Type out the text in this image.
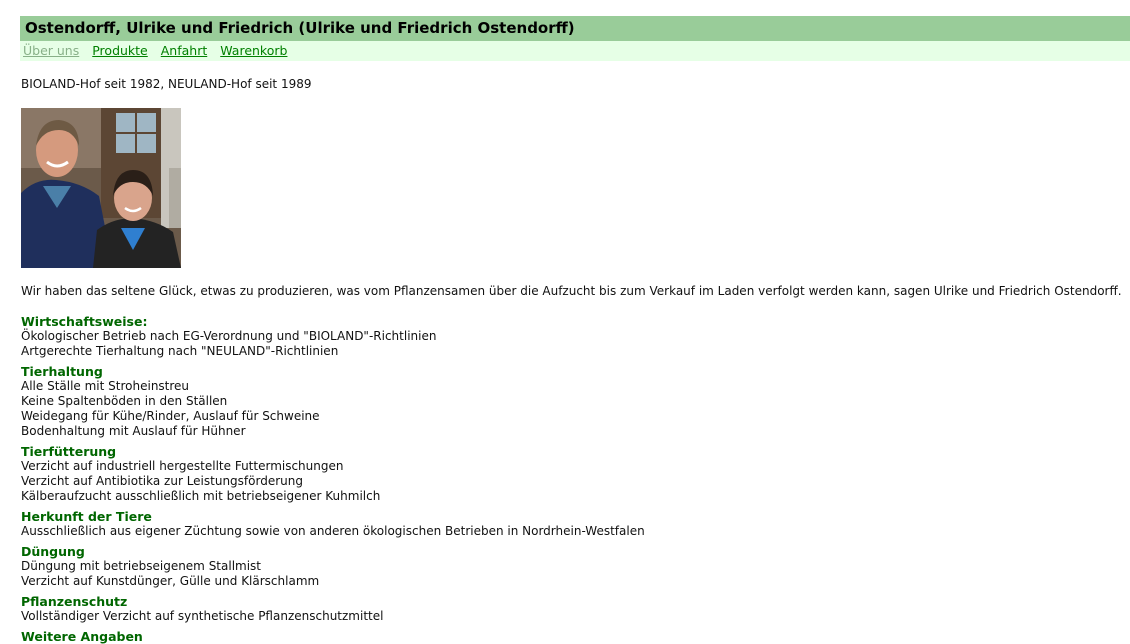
Ostendorff, Ulrike und Friedrich (Ulrike und Friedrich Ostendorff)
Über uns Produkte Anfahrt Warenkorb
BIOLAND-Hof seit 1982, NEULAND-Hof seit 1989
Wir haben das seltene Glück, etwas zu produzieren, was vom Pflanzensamen über die Aufzucht bis zum Verkauf im Laden verfolgt werden kann, sagen Ulrike und Friedrich Ostendorff.
Wirtschaftsweise:
Ökologischer Betrieb nach EG-Verordnung und "BIOLAND"-Richtlinien
Artgerechte Tierhaltung nach "NEULAND"-Richtlinien
Tierhaltung
Alle Ställe mit Stroheinstreu
Keine Spaltenböden in den Ställen
Weidegang für Kühe/Rinder, Auslauf für Schweine
Bodenhaltung mit Auslauf für Hühner
Tierfütterung
Verzicht auf industriell hergestellte Futtermischungen
Verzicht auf Antibiotika zur Leistungsförderung
Kälberaufzucht ausschließlich mit betriebseigener Kuhmilch
Herkunft der Tiere
Ausschließlich aus eigener Züchtung sowie von anderen ökologischen Betrieben in Nordrhein-Westfalen
Düngung
Düngung mit betriebseigenem Stallmist
Verzicht auf Kunstdünger, Gülle und Klärschlamm
Pflanzenschutz
Vollständiger Verzicht auf synthetische Pflanzenschutzmittel
Weitere Angaben
